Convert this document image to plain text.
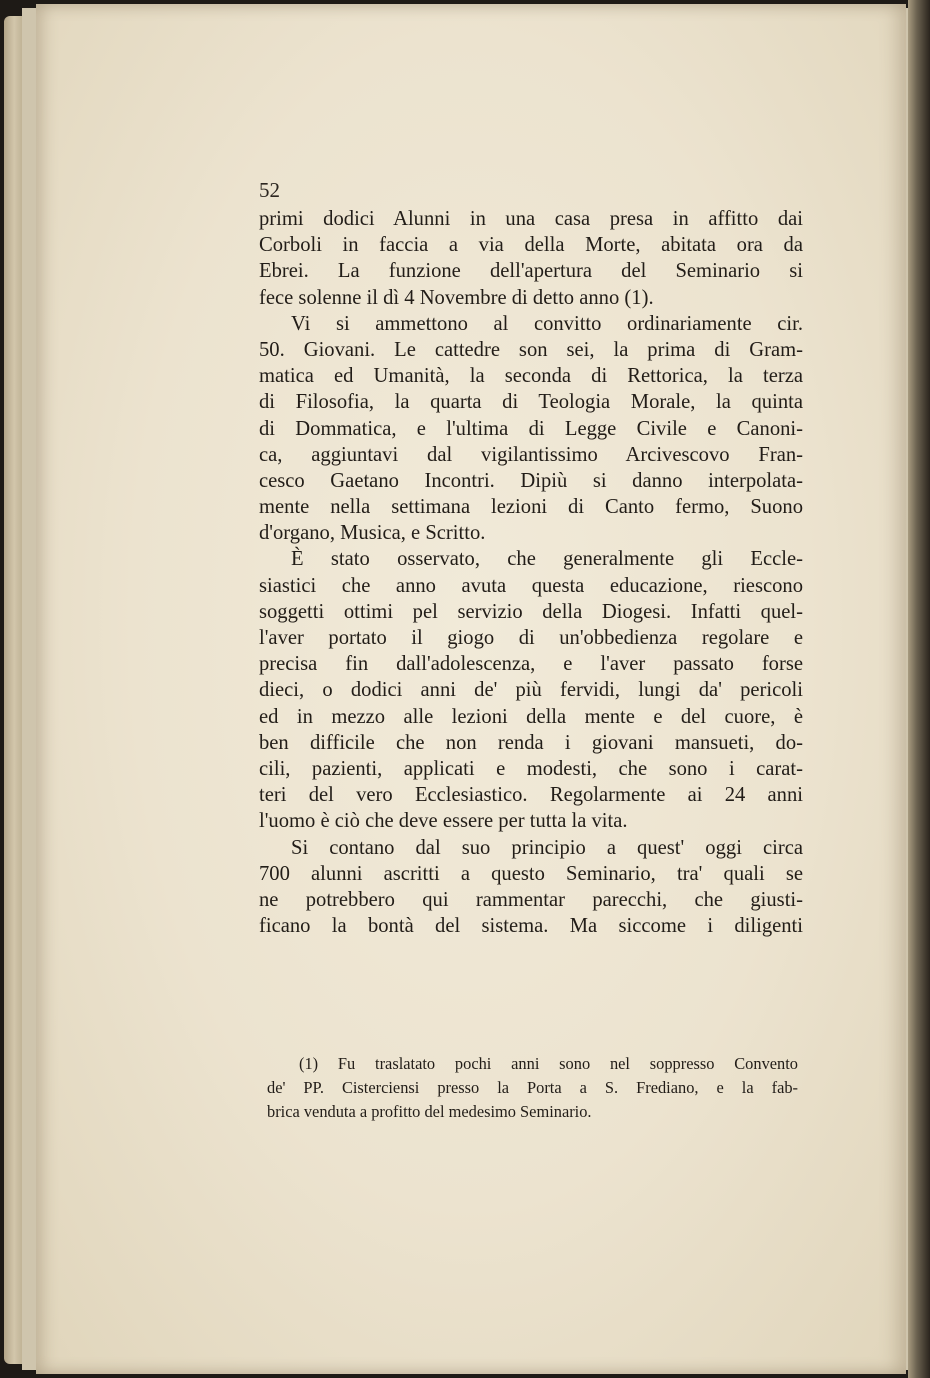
52
primi dodici Alunni in una casa presa in affitto dai
Corboli in faccia a via della Morte, abitata ora da
Ebrei. La funzione dell'apertura del Seminario si
fece solenne il dì 4 Novembre di detto anno (1).
Vi si ammettono al convitto ordinariamente cir.
50. Giovani. Le cattedre son sei, la prima di Gram-
matica ed Umanità, la seconda di Rettorica, la terza
di Filosofia, la quarta di Teologia Morale, la quinta
di Dommatica, e l'ultima di Legge Civile e Canoni-
ca, aggiuntavi dal vigilantissimo Arcivescovo Fran-
cesco Gaetano Incontri. Dipiù si danno interpolata-
mente nella settimana lezioni di Canto fermo, Suono
d'organo, Musica, e Scritto.
È stato osservato, che generalmente gli Eccle-
siastici che anno avuta questa educazione, riescono
soggetti ottimi pel servizio della Diogesi. Infatti quel-
l'aver portato il giogo di un'obbedienza regolare e
precisa fin dall'adolescenza, e l'aver passato forse
dieci, o dodici anni de' più fervidi, lungi da' pericoli
ed in mezzo alle lezioni della mente e del cuore, è
ben difficile che non renda i giovani mansueti, do-
cili, pazienti, applicati e modesti, che sono i carat-
teri del vero Ecclesiastico. Regolarmente ai 24 anni
l'uomo è ciò che deve essere per tutta la vita.
Si contano dal suo principio a quest' oggi circa
700 alunni ascritti a questo Seminario, tra' quali se
ne potrebbero qui rammentar parecchi, che giusti-
ficano la bontà del sistema. Ma siccome i diligenti
(1) Fu traslatato pochi anni sono nel soppresso Convento
de' PP. Cisterciensi presso la Porta a S. Frediano, e la fab-
brica venduta a profitto del medesimo Seminario.
